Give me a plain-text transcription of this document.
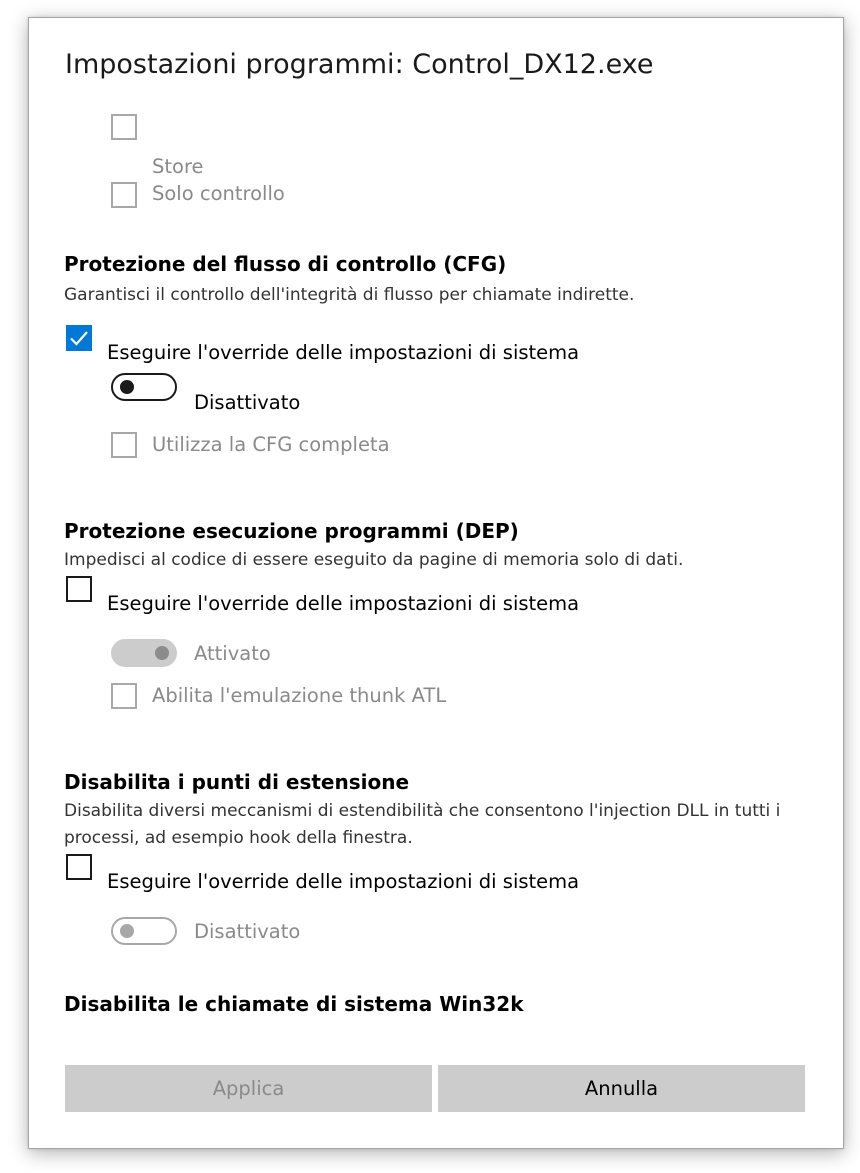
Impostazioni programmi: Control_DX12.exe
Store
Solo controllo
Protezione del flusso di controllo (CFG)
Garantisci il controllo dell'integrità di flusso per chiamate indirette.
Eseguire l'override delle impostazioni di sistema
Disattivato
Utilizza la CFG completa
Protezione esecuzione programmi (DEP)
Impedisci al codice di essere eseguito da pagine di memoria solo di dati.
Eseguire l'override delle impostazioni di sistema
Attivato
Abilita l'emulazione thunk ATL
Disabilita i punti di estensione
Disabilita diversi meccanismi di estendibilità che consentono l'injection DLL in tutti i processi, ad esempio hook della finestra.
Eseguire l'override delle impostazioni di sistema
Disattivato
Disabilita le chiamate di sistema Win32k
Applica	Annulla
